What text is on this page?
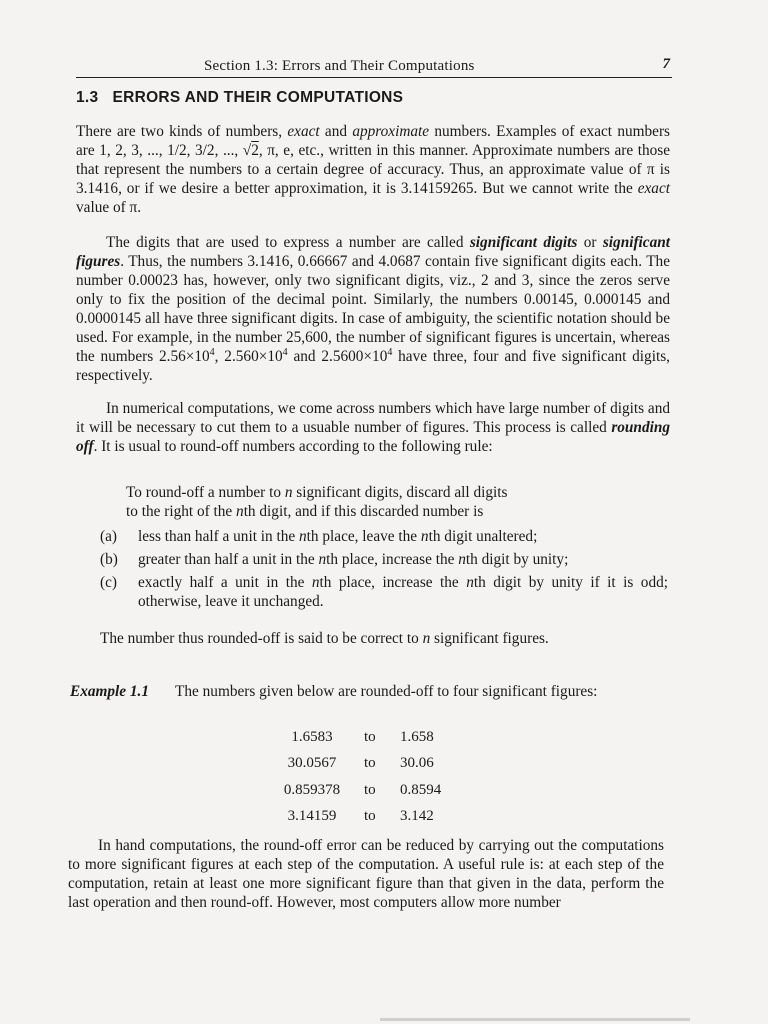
Section 1.3: Errors and Their Computations	7
1.3 ERRORS AND THEIR COMPUTATIONS

There are two kinds of numbers, exact and approximate numbers. Examples of exact numbers are 1, 2, 3, ..., 1/2, 3/2, ..., √2, π, e, etc., written in this manner. Approximate numbers are those that represent the numbers to a certain degree of accuracy. Thus, an approximate value of π is 3.1416, or if we desire a better approximation, it is 3.14159265. But we cannot write the exact value of π.

The digits that are used to express a number are called significant digits or significant figures. Thus, the numbers 3.1416, 0.66667 and 4.0687 contain five significant digits each. The number 0.00023 has, however, only two significant digits, viz., 2 and 3, since the zeros serve only to fix the position of the decimal point. Similarly, the numbers 0.00145, 0.000145 and 0.0000145 all have three significant digits. In case of ambiguity, the scientific notation should be used. For example, in the number 25,600, the number of significant figures is uncertain, whereas the numbers $2.56\times 10^4$, $2.560\times 10^4$ and $2.5600\times 10^4$ have three, four and five significant digits, respectively.

In numerical computations, we come across numbers which have large number of digits and it will be necessary to cut them to a usuable number of figures. This process is called rounding off. It is usual to round-off numbers according to the following rule:

To round-off a number to n significant digits, discard all digits
to the right of the nth digit, and if this discarded number is
(a) less than half a unit in the nth place, leave the nth digit unaltered;
(b) greater than half a unit in the nth place, increase the nth digit by unity;
(c) exactly half a unit in the nth place, increase the nth digit by unity if it is odd; otherwise, leave it unchanged.
The number thus rounded-off is said to be correct to n significant figures.
Example 1.1 The numbers given below are rounded-off to four significant figures:
1.6583	to	1.658
30.0567	to	30.06
0.859378	to	0.8594
3.14159	to	3.142

In hand computations, the round-off error can be reduced by carrying out the computations to more significant figures at each step of the computation. A useful rule is: at each step of the computation, retain at least one more significant figure than that given in the data, perform the last operation and then round-off. However, most computers allow more number
